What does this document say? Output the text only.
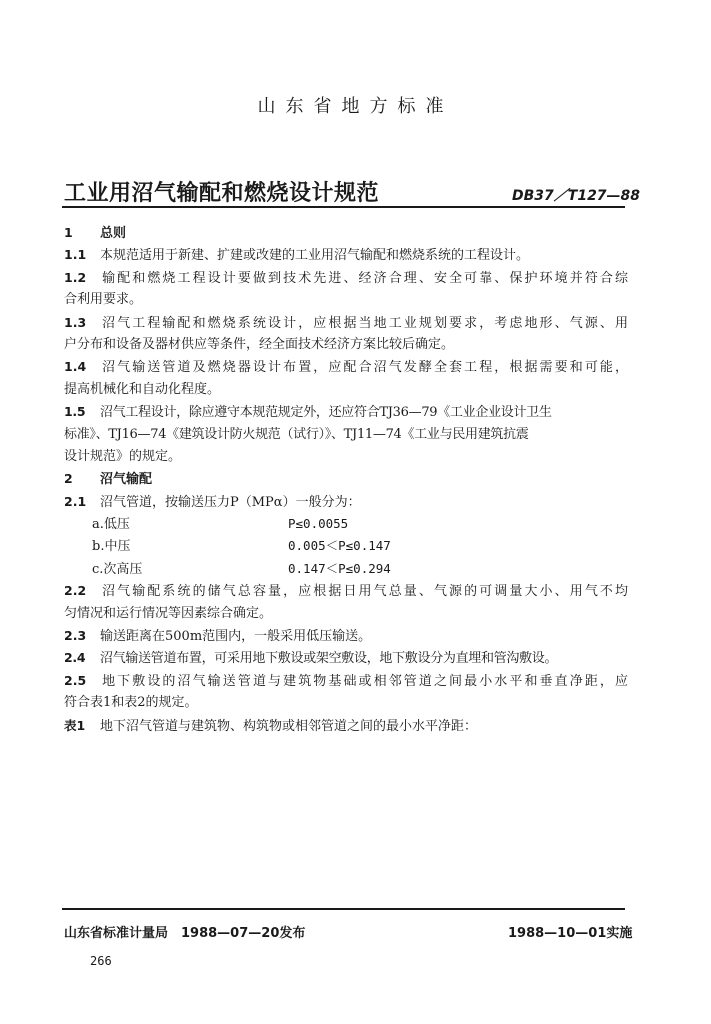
山东省地方标准
工业用沼气输配和燃烧设计规范	DB37／T127—88
1 总则
1.1 本规范适用于新建、扩建或改建的工业用沼气输配和燃烧系统的工程设计。
1.2 输配和燃烧工程设计要做到技术先进、经济合理、安全可靠、保护环境并符合综
合利用要求。
1.3 沼气工程输配和燃烧系统设计，应根据当地工业规划要求，考虑地形、气源、用
户分布和设备及器材供应等条件，经全面技术经济方案比较后确定。
1.4 沼气输送管道及燃烧器设计布置，应配合沼气发酵全套工程，根据需要和可能，
提高机械化和自动化程度。
1.5 沼气工程设计，除应遵守本规范规定外，还应符合TJ36—79《工业企业设计卫生
标准》、TJ16—74《建筑设计防火规范（试行）》、TJ11—74《工业与民用建筑抗震
设计规范》的规定。
2 沼气输配
2.1 沼气管道，按输送压力P（MPα）一般分为：
a.低压	P≤0.0055
b.中压	0.005＜P≤0.147
c.次高压	0.147＜P≤0.294
2.2 沼气输配系统的储气总容量，应根据日用气总量、气源的可调量大小、用气不均
匀情况和运行情况等因素综合确定。
2.3 输送距离在500m范围内，一般采用低压输送。
2.4 沼气输送管道布置，可采用地下敷设或架空敷设，地下敷设分为直埋和管沟敷设。
2.5 地下敷设的沼气输送管道与建筑物基础或相邻管道之间最小水平和垂直净距，应
符合表1和表2的规定。
表1 地下沼气管道与建筑物、构筑物或相邻管道之间的最小水平净距：
山东省标准计量局　1988—07—20发布	1988—10—01实施
266
